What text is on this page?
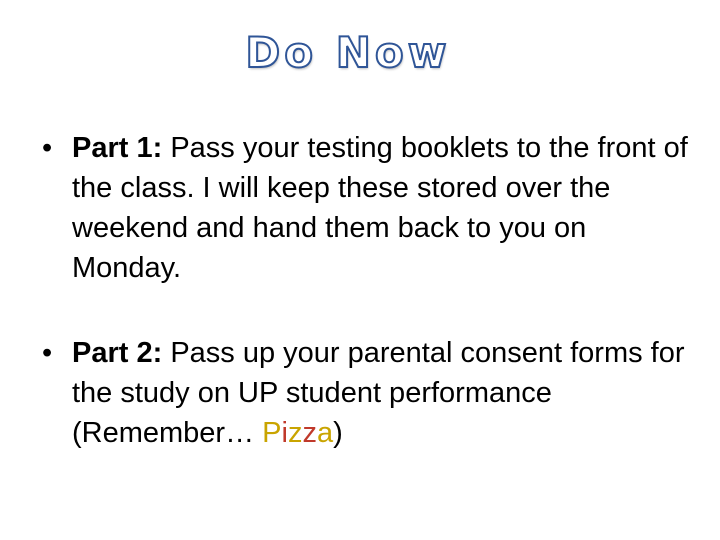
Do Now
• Part 1: Pass your testing booklets to the front of the class. I will keep these stored over the weekend and hand them back to you on Monday.
• Part 2: Pass up your parental consent forms for the study on UP student performance (Remember… Pizza)
